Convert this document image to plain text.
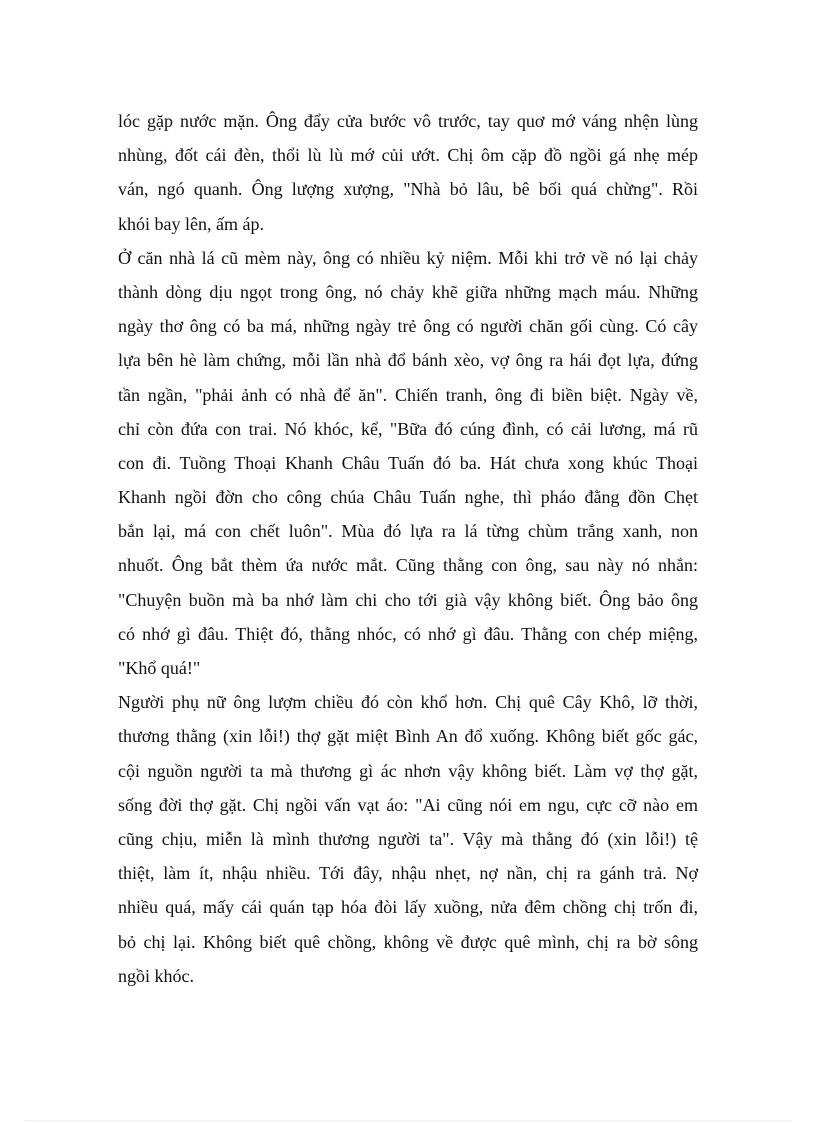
lóc gặp nước mặn. Ông đẩy cửa bước vô trước, tay quơ mớ váng nhện lùng
nhùng, đốt cái đèn, thổi lù lù mớ củi ướt. Chị ôm cặp đồ ngồi gá nhẹ mép
ván, ngó quanh. Ông lượng xượng, "Nhà bỏ lâu, bê bối quá chừng". Rồi
khói bay lên, ấm áp.
Ở căn nhà lá cũ mèm này, ông có nhiều kỷ niệm. Mỗi khi trở về nó lại chảy
thành dòng dịu ngọt trong ông, nó chảy khẽ giữa những mạch máu. Những
ngày thơ ông có ba má, những ngày trẻ ông có người chăn gối cùng. Có cây
lựa bên hè làm chứng, mỗi lần nhà đổ bánh xèo, vợ ông ra hái đọt lựa, đứng
tần ngần, "phải ảnh có nhà để ăn". Chiến tranh, ông đi biền biệt. Ngày về,
chỉ còn đứa con trai. Nó khóc, kể, "Bữa đó cúng đình, có cải lương, má rũ
con đi. Tuồng Thoại Khanh Châu Tuấn đó ba. Hát chưa xong khúc Thoại
Khanh ngồi đờn cho công chúa Châu Tuấn nghe, thì pháo đằng đồn Chẹt
bắn lại, má con chết luôn". Mùa đó lựa ra lá từng chùm trắng xanh, non
nhuốt. Ông bắt thèm ứa nước mắt. Cũng thằng con ông, sau này nó nhắn:
"Chuyện buồn mà ba nhớ làm chi cho tới già vậy không biết. Ông bảo ông
có nhớ gì đâu. Thiệt đó, thằng nhóc, có nhớ gì đâu. Thằng con chép miệng,
"Khổ quá!"
Người phụ nữ ông lượm chiều đó còn khổ hơn. Chị quê Cây Khô, lỡ thời,
thương thằng (xin lỗi!) thợ gặt miệt Bình An đổ xuống. Không biết gốc gác,
cội nguồn người ta mà thương gì ác nhơn vậy không biết. Làm vợ thợ gặt,
sống đời thợ gặt. Chị ngồi vấn vạt áo: "Ai cũng nói em ngu, cực cỡ nào em
cũng chịu, miễn là mình thương người ta". Vậy mà thằng đó (xin lỗi!) tệ
thiệt, làm ít, nhậu nhiều. Tới đây, nhậu nhẹt, nợ nần, chị ra gánh trả. Nợ
nhiều quá, mấy cái quán tạp hóa đòi lấy xuồng, nửa đêm chồng chị trốn đi,
bỏ chị lại. Không biết quê chồng, không về được quê mình, chị ra bờ sông
ngồi khóc.
